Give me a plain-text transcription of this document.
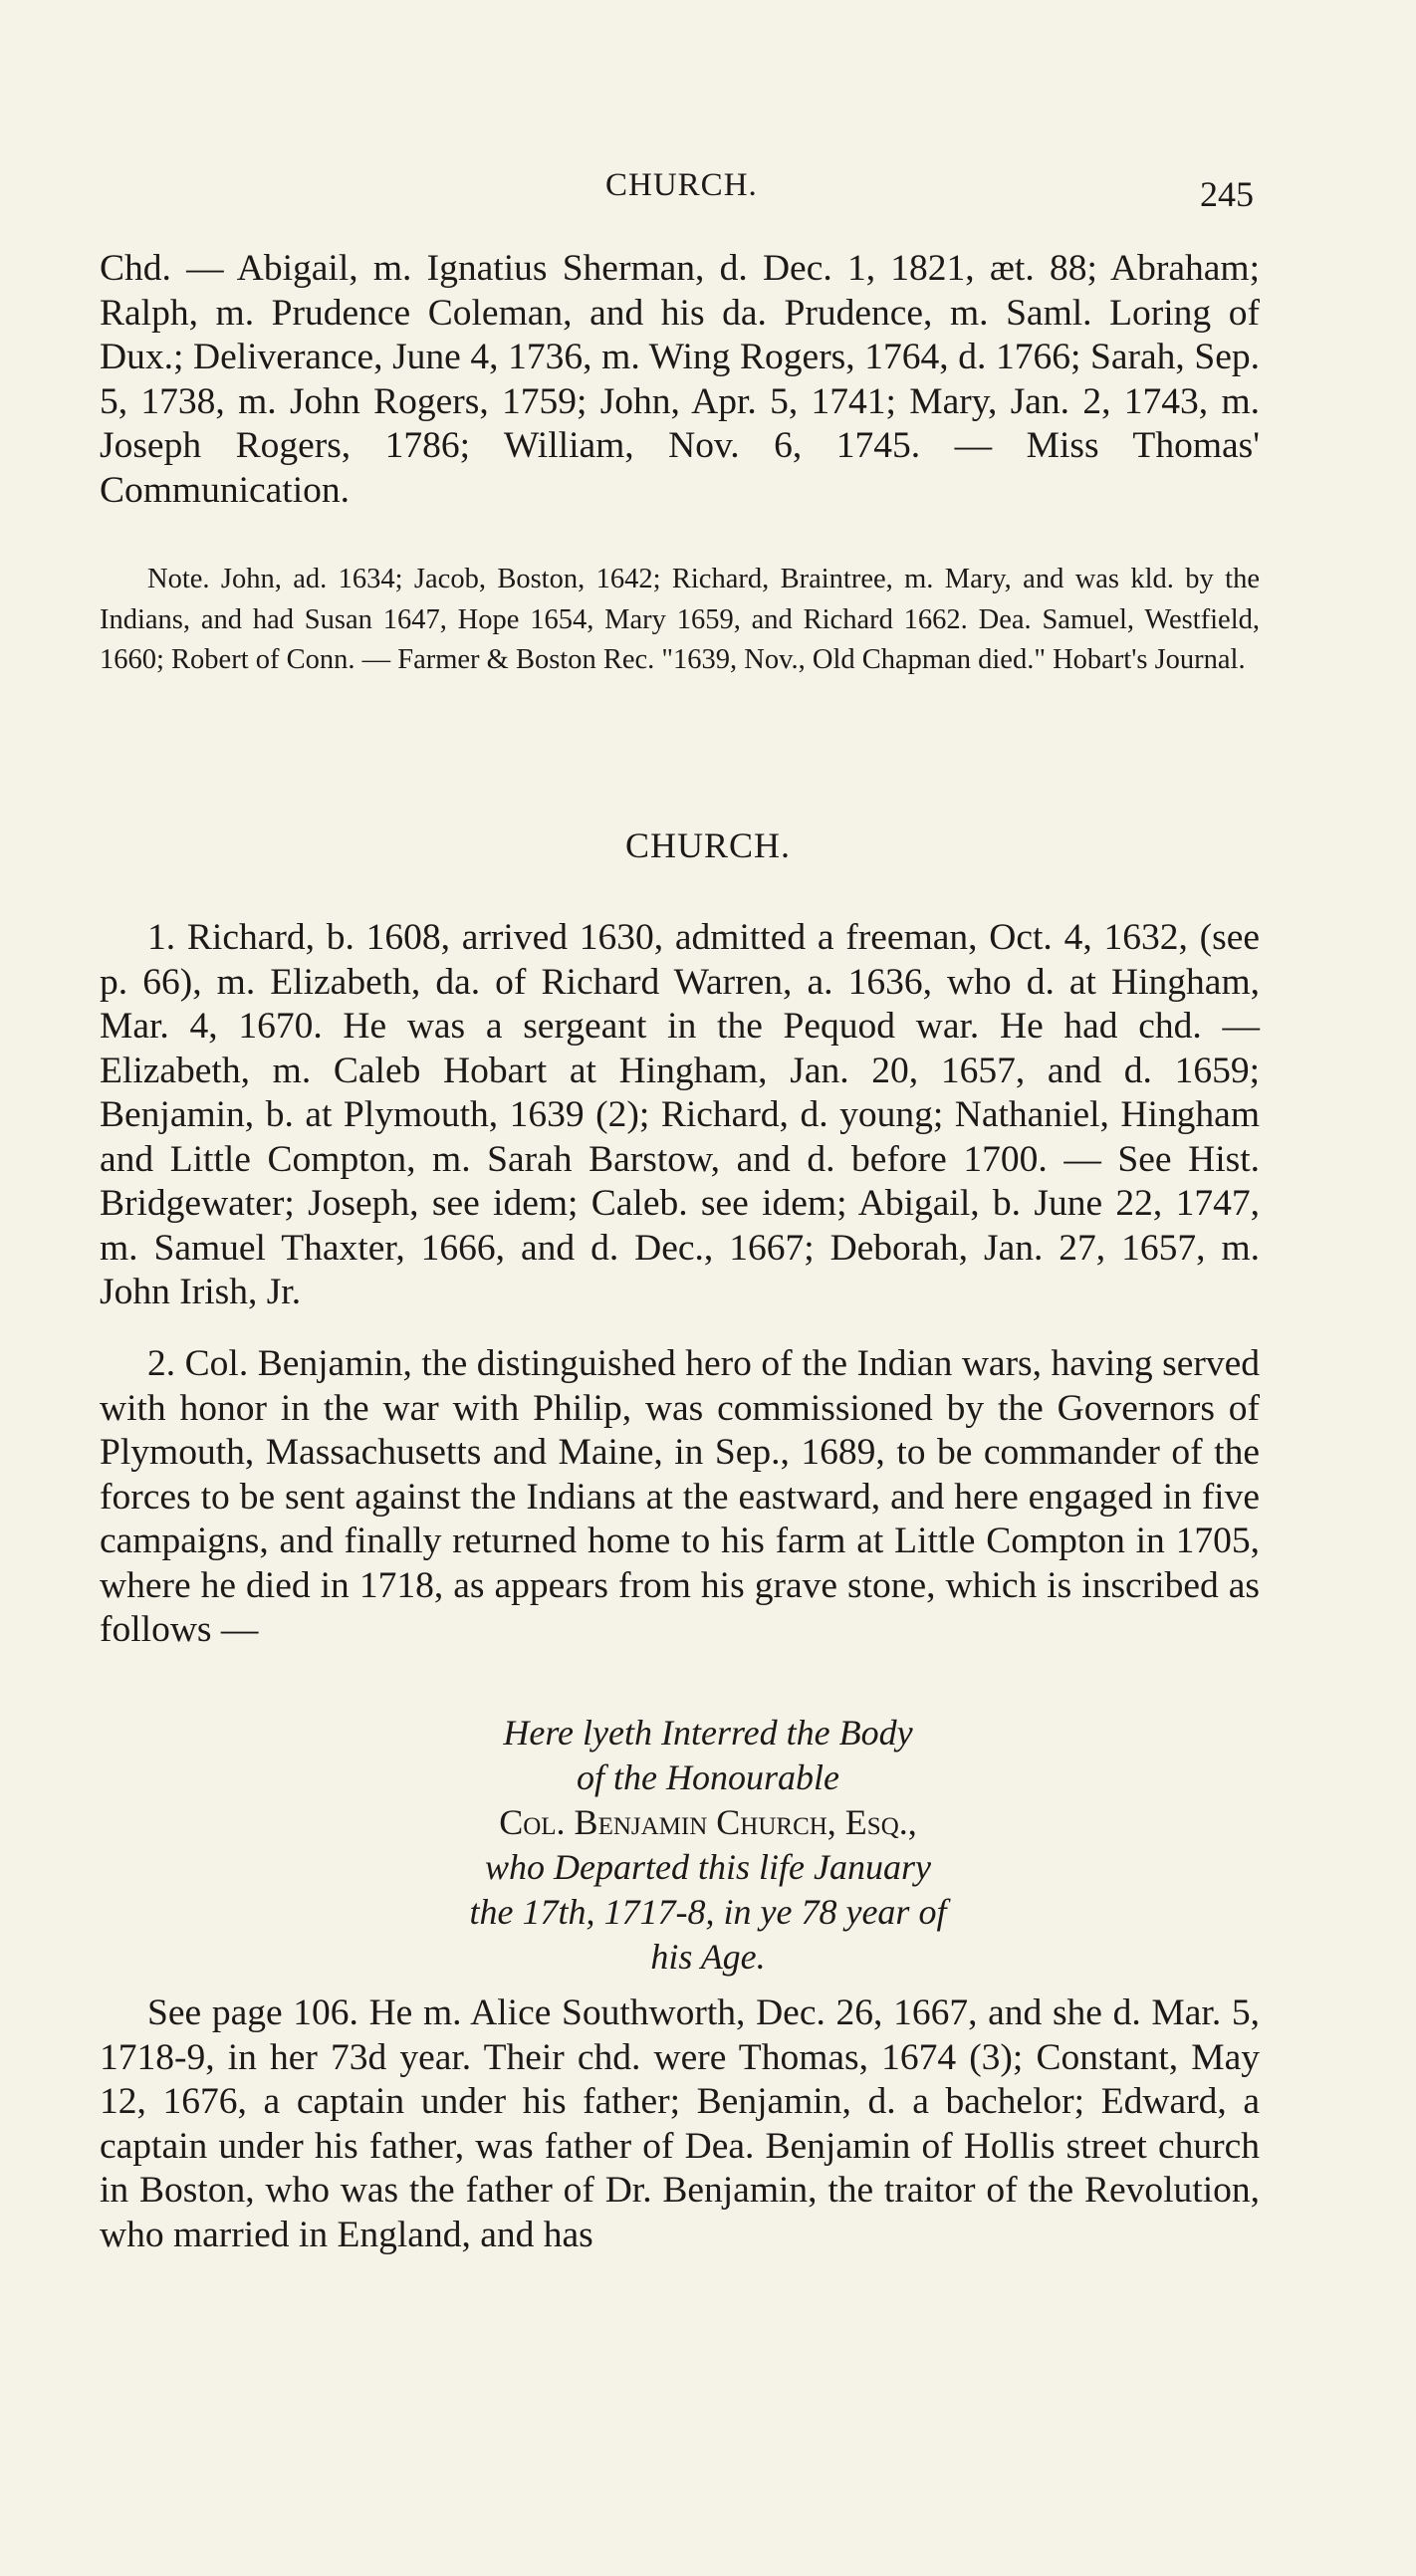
CHURCH.	245

Chd. — Abigail, m. Ignatius Sherman, d. Dec. 1, 1821, æt. 88; Abraham; Ralph, m. Prudence Coleman, and his da. Prudence, m. Saml. Loring of Dux.; Deliverance, June 4, 1736, m. Wing Rogers, 1764, d. 1766; Sarah, Sep. 5, 1738, m. John Rogers, 1759; John, Apr. 5, 1741; Mary, Jan. 2, 1743, m. Joseph Rogers, 1786; William, Nov. 6, 1745. — Miss Thomas' Communication.

Note. John, ad. 1634; Jacob, Boston, 1642; Richard, Braintree, m. Mary, and was kld. by the Indians, and had Susan 1647, Hope 1654, Mary 1659, and Richard 1662. Dea. Samuel, Westfield, 1660; Robert of Conn. — Farmer & Boston Rec. "1639, Nov., Old Chapman died." Hobart's Journal.

CHURCH.

1. Richard, b. 1608, arrived 1630, admitted a freeman, Oct. 4, 1632, (see p. 66), m. Elizabeth, da. of Richard Warren, a. 1636, who d. at Hingham, Mar. 4, 1670. He was a sergeant in the Pequod war. He had chd. — Elizabeth, m. Caleb Hobart at Hingham, Jan. 20, 1657, and d. 1659; Benjamin, b. at Plymouth, 1639 (2); Richard, d. young; Nathaniel, Hingham and Little Compton, m. Sarah Barstow, and d. before 1700. — See Hist. Bridgewater; Joseph, see idem; Caleb. see idem; Abigail, b. June 22, 1747, m. Samuel Thaxter, 1666, and d. Dec., 1667; Deborah, Jan. 27, 1657, m. John Irish, Jr.

2. Col. Benjamin, the distinguished hero of the Indian wars, having served with honor in the war with Philip, was commissioned by the Governors of Plymouth, Massachusetts and Maine, in Sep., 1689, to be commander of the forces to be sent against the Indians at the eastward, and here engaged in five campaigns, and finally returned home to his farm at Little Compton in 1705, where he died in 1718, as appears from his grave stone, which is inscribed as follows —

Here lyeth Interred the Body
of the Honourable
Col. Benjamin Church, Esq.,
who Departed this life January
the 17th, 1717-8, in ye 78 year of
his Age.

See page 106. He m. Alice Southworth, Dec. 26, 1667, and she d. Mar. 5, 1718-9, in her 73d year. Their chd. were Thomas, 1674 (3); Constant, May 12, 1676, a captain under his father; Benjamin, d. a bachelor; Edward, a captain under his father, was father of Dea. Benjamin of Hollis street church in Boston, who was the father of Dr. Benjamin, the traitor of the Revolution, who married in England, and has
